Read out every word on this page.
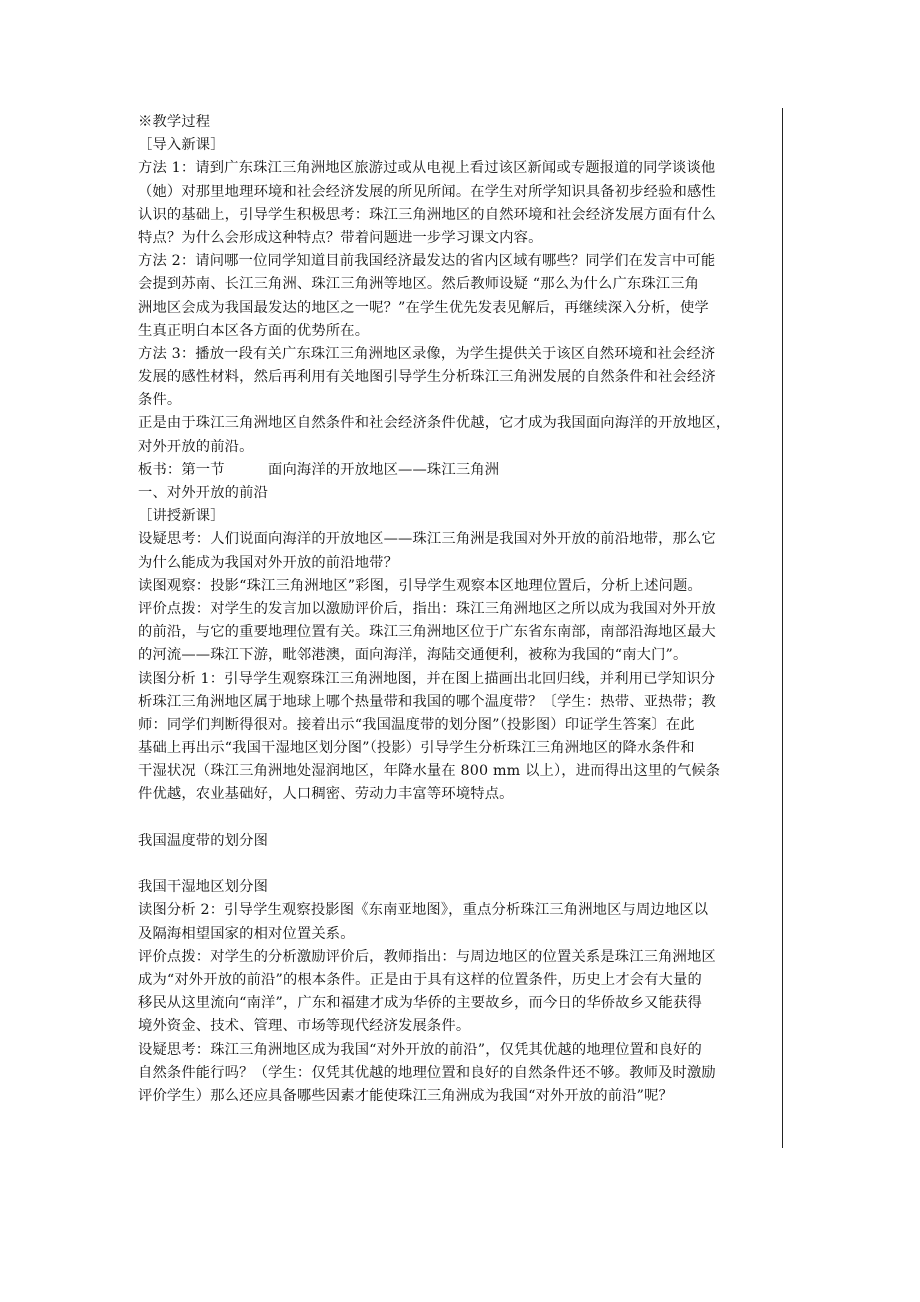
※教学过程
［导入新课］
方法 1：请到广东珠江三角洲地区旅游过或从电视上看过该区新闻或专题报道的同学谈谈他
（她）对那里地理环境和社会经济发展的所见所闻。在学生对所学知识具备初步经验和感性
认识的基础上，引导学生积极思考：珠江三角洲地区的自然环境和社会经济发展方面有什么
特点？为什么会形成这种特点？带着问题进一步学习课文内容。
方法 2：请问哪一位同学知道目前我国经济最发达的省内区域有哪些？同学们在发言中可能
会提到苏南、长江三角洲、珠江三角洲等地区。然后教师设疑 “那么为什么广东珠江三角
洲地区会成为我国最发达的地区之一呢？”在学生优先发表见解后，再继续深入分析，使学
生真正明白本区各方面的优势所在。
方法 3：播放一段有关广东珠江三角洲地区录像，为学生提供关于该区自然环境和社会经济
发展的感性材料，然后再利用有关地图引导学生分析珠江三角洲发展的自然条件和社会经济
条件。
正是由于珠江三角洲地区自然条件和社会经济条件优越，它才成为我国面向海洋的开放地区，
对外开放的前沿。
板书：第一节　　　面向海洋的开放地区——珠江三角洲
一、对外开放的前沿
［讲授新课］
设疑思考：人们说面向海洋的开放地区——珠江三角洲是我国对外开放的前沿地带，那么它
为什么能成为我国对外开放的前沿地带？
读图观察：投影“珠江三角洲地区”彩图，引导学生观察本区地理位置后，分析上述问题。
评价点拨：对学生的发言加以激励评价后，指出：珠江三角洲地区之所以成为我国对外开放
的前沿，与它的重要地理位置有关。珠江三角洲地区位于广东省东南部，南部沿海地区最大
的河流——珠江下游，毗邻港澳，面向海洋，海陆交通便利，被称为我国的“南大门”。
读图分析 1：引导学生观察珠江三角洲地图，并在图上描画出北回归线，并利用已学知识分
析珠江三角洲地区属于地球上哪个热量带和我国的哪个温度带？〔学生：热带、亚热带；教
师：同学们判断得很对。接着出示“我国温度带的划分图”（投影图）印证学生答案〕在此
基础上再出示“我国干湿地区划分图”（投影）引导学生分析珠江三角洲地区的降水条件和
干湿状况（珠江三角洲地处湿润地区，年降水量在 800 mm 以上），进而得出这里的气候条
件优越，农业基础好，人口稠密、劳动力丰富等环境特点。
我国温度带的划分图
我国干湿地区划分图
读图分析 2：引导学生观察投影图《东南亚地图》，重点分析珠江三角洲地区与周边地区以
及隔海相望国家的相对位置关系。
评价点拨：对学生的分析激励评价后，教师指出：与周边地区的位置关系是珠江三角洲地区
成为“对外开放的前沿”的根本条件。正是由于具有这样的位置条件，历史上才会有大量的
移民从这里流向“南洋”，广东和福建才成为华侨的主要故乡，而今日的华侨故乡又能获得
境外资金、技术、管理、市场等现代经济发展条件。
设疑思考：珠江三角洲地区成为我国“对外开放的前沿”，仅凭其优越的地理位置和良好的
自然条件能行吗？（学生：仅凭其优越的地理位置和良好的自然条件还不够。教师及时激励
评价学生）那么还应具备哪些因素才能使珠江三角洲成为我国“对外开放的前沿”呢？
